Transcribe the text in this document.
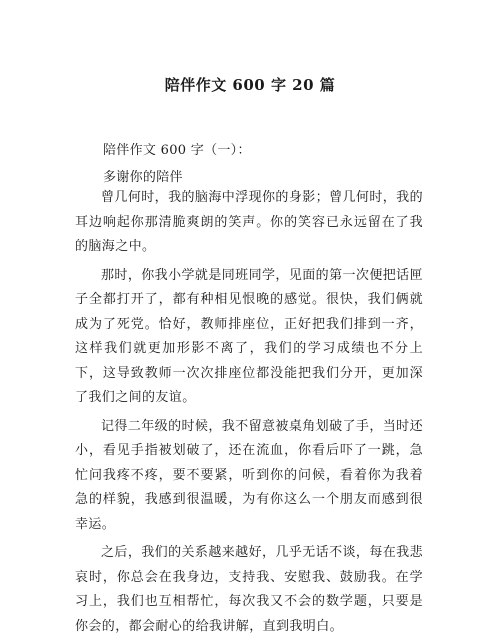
陪伴作文 600 字 20 篇
陪伴作文 600 字（一）：
多谢你的陪伴

曾几何时，我的脑海中浮现你的身影；曾几何时，我的耳边响起你那清脆爽朗的笑声。你的笑容已永远留在了我的脑海之中。

那时，你我小学就是同班同学，见面的第一次便把话匣子全都打开了，都有种相见恨晚的感觉。很快，我们俩就成为了死党。恰好，教师排座位，正好把我们排到一齐，这样我们就更加形影不离了，我们的学习成绩也不分上下，这导致教师一次次排座位都没能把我们分开，更加深了我们之间的友谊。

记得二年级的时候，我不留意被桌角划破了手，当时还小，看见手指被划破了，还在流血，你看后吓了一跳，急忙问我疼不疼，要不要紧，听到你的问候，看着你为我着急的样貌，我感到很温暖，为有你这么一个朋友而感到很幸运。

之后，我们的关系越来越好，几乎无话不谈，每在我悲哀时，你总会在我身边，支持我、安慰我、鼓励我。在学习上，我们也互相帮忙，每次我又不会的数学题，只要是你会的，都会耐心的给我讲解，直到我明白。
